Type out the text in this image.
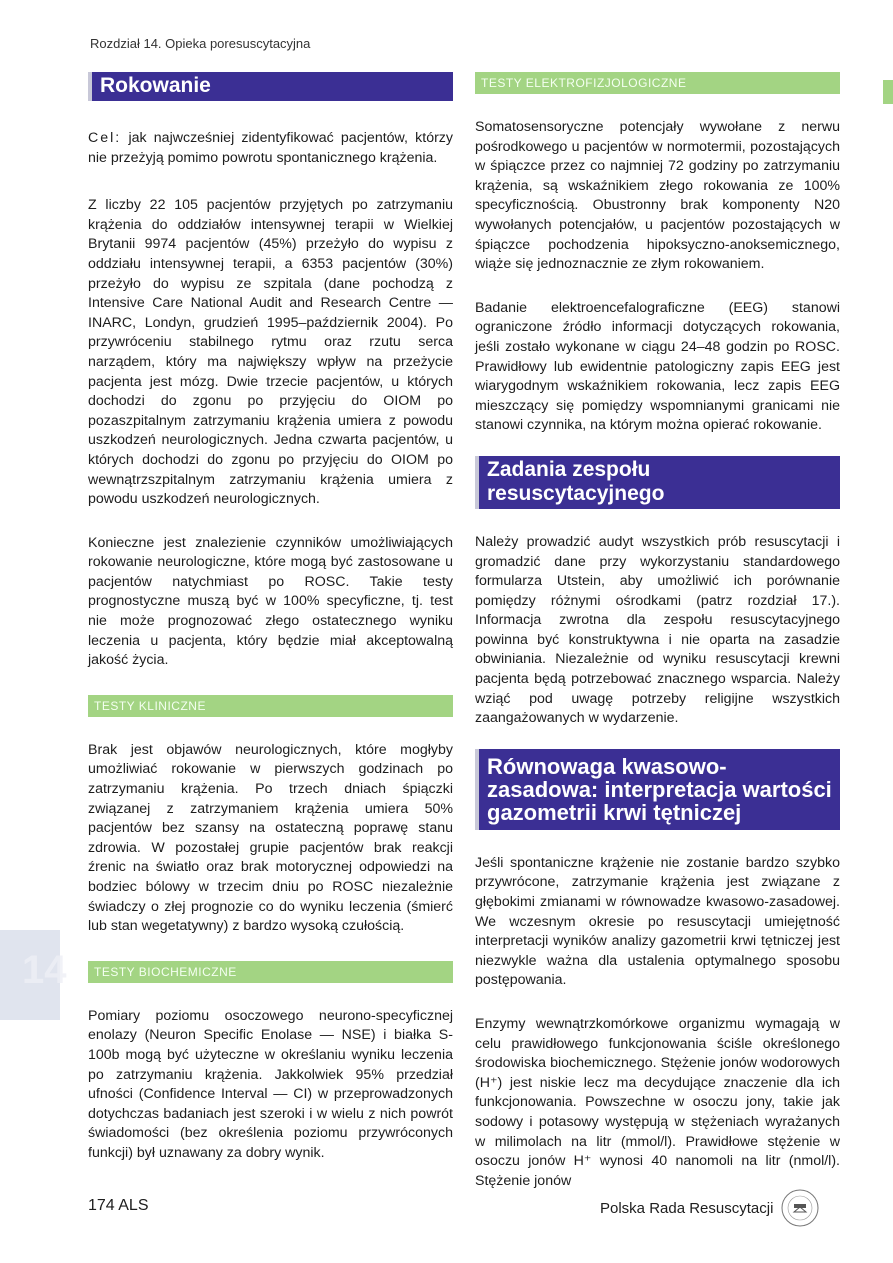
Rozdział 14. Opieka poresuscytacyjna
14
Rokowanie

Cel: jak najwcześniej zidentyfikować pacjentów, którzy nie przeżyją pomimo powrotu spontanicznego krążenia.

Z liczby 22 105 pacjentów przyjętych po zatrzymaniu krążenia do oddziałów intensywnej terapii w Wielkiej Brytanii 9974 pacjentów (45%) przeżyło do wypisu z oddziału intensywnej terapii, a 6353 pacjentów (30%) przeżyło do wypisu ze szpitala (dane pochodzą z Intensive Care National Audit and Research Centre — INARC, Londyn, grudzień 1995–październik 2004). Po przywróceniu stabilnego rytmu oraz rzutu serca narządem, który ma największy wpływ na przeżycie pacjenta jest mózg. Dwie trzecie pacjentów, u których dochodzi do zgonu po przyjęciu do OIOM po pozaszpitalnym zatrzymaniu krążenia umiera z powodu uszkodzeń neurologicznych. Jedna czwarta pacjentów, u których dochodzi do zgonu po przyjęciu do OIOM po wewnątrzszpitalnym zatrzymaniu krążenia umiera z powodu uszkodzeń neurologicznych.

Konieczne jest znalezienie czynników umożliwiających rokowanie neurologiczne, które mogą być zastosowane u pacjentów natychmiast po ROSC. Takie testy prognostyczne muszą być w 100% specyficzne, tj. test nie może prognozować złego ostatecznego wyniku leczenia u pacjenta, który będzie miał akceptowalną jakość życia.

TESTY KLINICZNE

Brak jest objawów neurologicznych, które mogłyby umożliwiać rokowanie w pierwszych godzinach po zatrzymaniu krążenia. Po trzech dniach śpiączki związanej z zatrzymaniem krążenia umiera 50% pacjentów bez szansy na ostateczną poprawę stanu zdrowia. W pozostałej grupie pacjentów brak reakcji źrenic na światło oraz brak motorycznej odpowiedzi na bodziec bólowy w trzecim dniu po ROSC niezależnie świadczy o złej prognozie co do wyniku leczenia (śmierć lub stan wegetatywny) z bardzo wysoką czułością.

TESTY BIOCHEMICZNE

Pomiary poziomu osoczowego neurono-specyficznej enolazy (Neuron Specific Enolase — NSE) i białka S-100b mogą być użyteczne w określaniu wyniku leczenia po zatrzymaniu krążenia. Jakkolwiek 95% przedział ufności (Confidence Interval — CI) w przeprowadzonych dotychczas badaniach jest szeroki i w wielu z nich powrót świadomości (bez określenia poziomu przywróconych funkcji) był uznawany za dobry wynik.

TESTY ELEKTROFIZJOLOGICZNE

Somatosensoryczne potencjały wywołane z nerwu pośrodkowego u pacjentów w normotermii, pozostających w śpiączce przez co najmniej 72 godziny po zatrzymaniu krążenia, są wskaźnikiem złego rokowania ze 100% specyficznością. Obustronny brak komponenty N20 wywołanych potencjałów, u pacjentów pozostających w śpiączce pochodzenia hipoksyczno-anoksemicznego, wiąże się jednoznacznie ze złym rokowaniem.

Badanie elektroencefalograficzne (EEG) stanowi ograniczone źródło informacji dotyczących rokowania, jeśli zostało wykonane w ciągu 24–48 godzin po ROSC. Prawidłowy lub ewidentnie patologiczny zapis EEG jest wiarygodnym wskaźnikiem rokowania, lecz zapis EEG mieszczący się pomiędzy wspomnianymi granicami nie stanowi czynnika, na którym można opierać rokowanie.

Zadania zespołu resuscytacyjnego

Należy prowadzić audyt wszystkich prób resuscytacji i gromadzić dane przy wykorzystaniu standardowego formularza Utstein, aby umożliwić ich porównanie pomiędzy różnymi ośrodkami (patrz rozdział 17.). Informacja zwrotna dla zespołu resuscytacyjnego powinna być konstruktywna i nie oparta na zasadzie obwiniania. Niezależnie od wyniku resuscytacji krewni pacjenta będą potrzebować znacznego wsparcia. Należy wziąć pod uwagę potrzeby religijne wszystkich zaangażowanych w wydarzenie.

Równowaga kwasowo-zasadowa: interpretacja wartości gazometrii krwi tętniczej

Jeśli spontaniczne krążenie nie zostanie bardzo szybko przywrócone, zatrzymanie krążenia jest związane z głębokimi zmianami w równowadze kwasowo-zasadowej. We wczesnym okresie po resuscytacji umiejętność interpretacji wyników analizy gazometrii krwi tętniczej jest niezwykle ważna dla ustalenia optymalnego sposobu postępowania.

Enzymy wewnątrzkomórkowe organizmu wymagają w celu prawidłowego funkcjonowania ściśle określonego środowiska biochemicznego. Stężenie jonów wodorowych (H⁺) jest niskie lecz ma decydujące znaczenie dla ich funkcjonowania. Powszechne w osoczu jony, takie jak sodowy i potasowy występują w stężeniach wyrażanych w milimolach na litr (mmol/l). Prawidłowe stężenie w osoczu jonów H⁺ wynosi 40 nanomoli na litr (nmol/l). Stężenie jonów

174 ALS	Polska Rada Resuscytacji
